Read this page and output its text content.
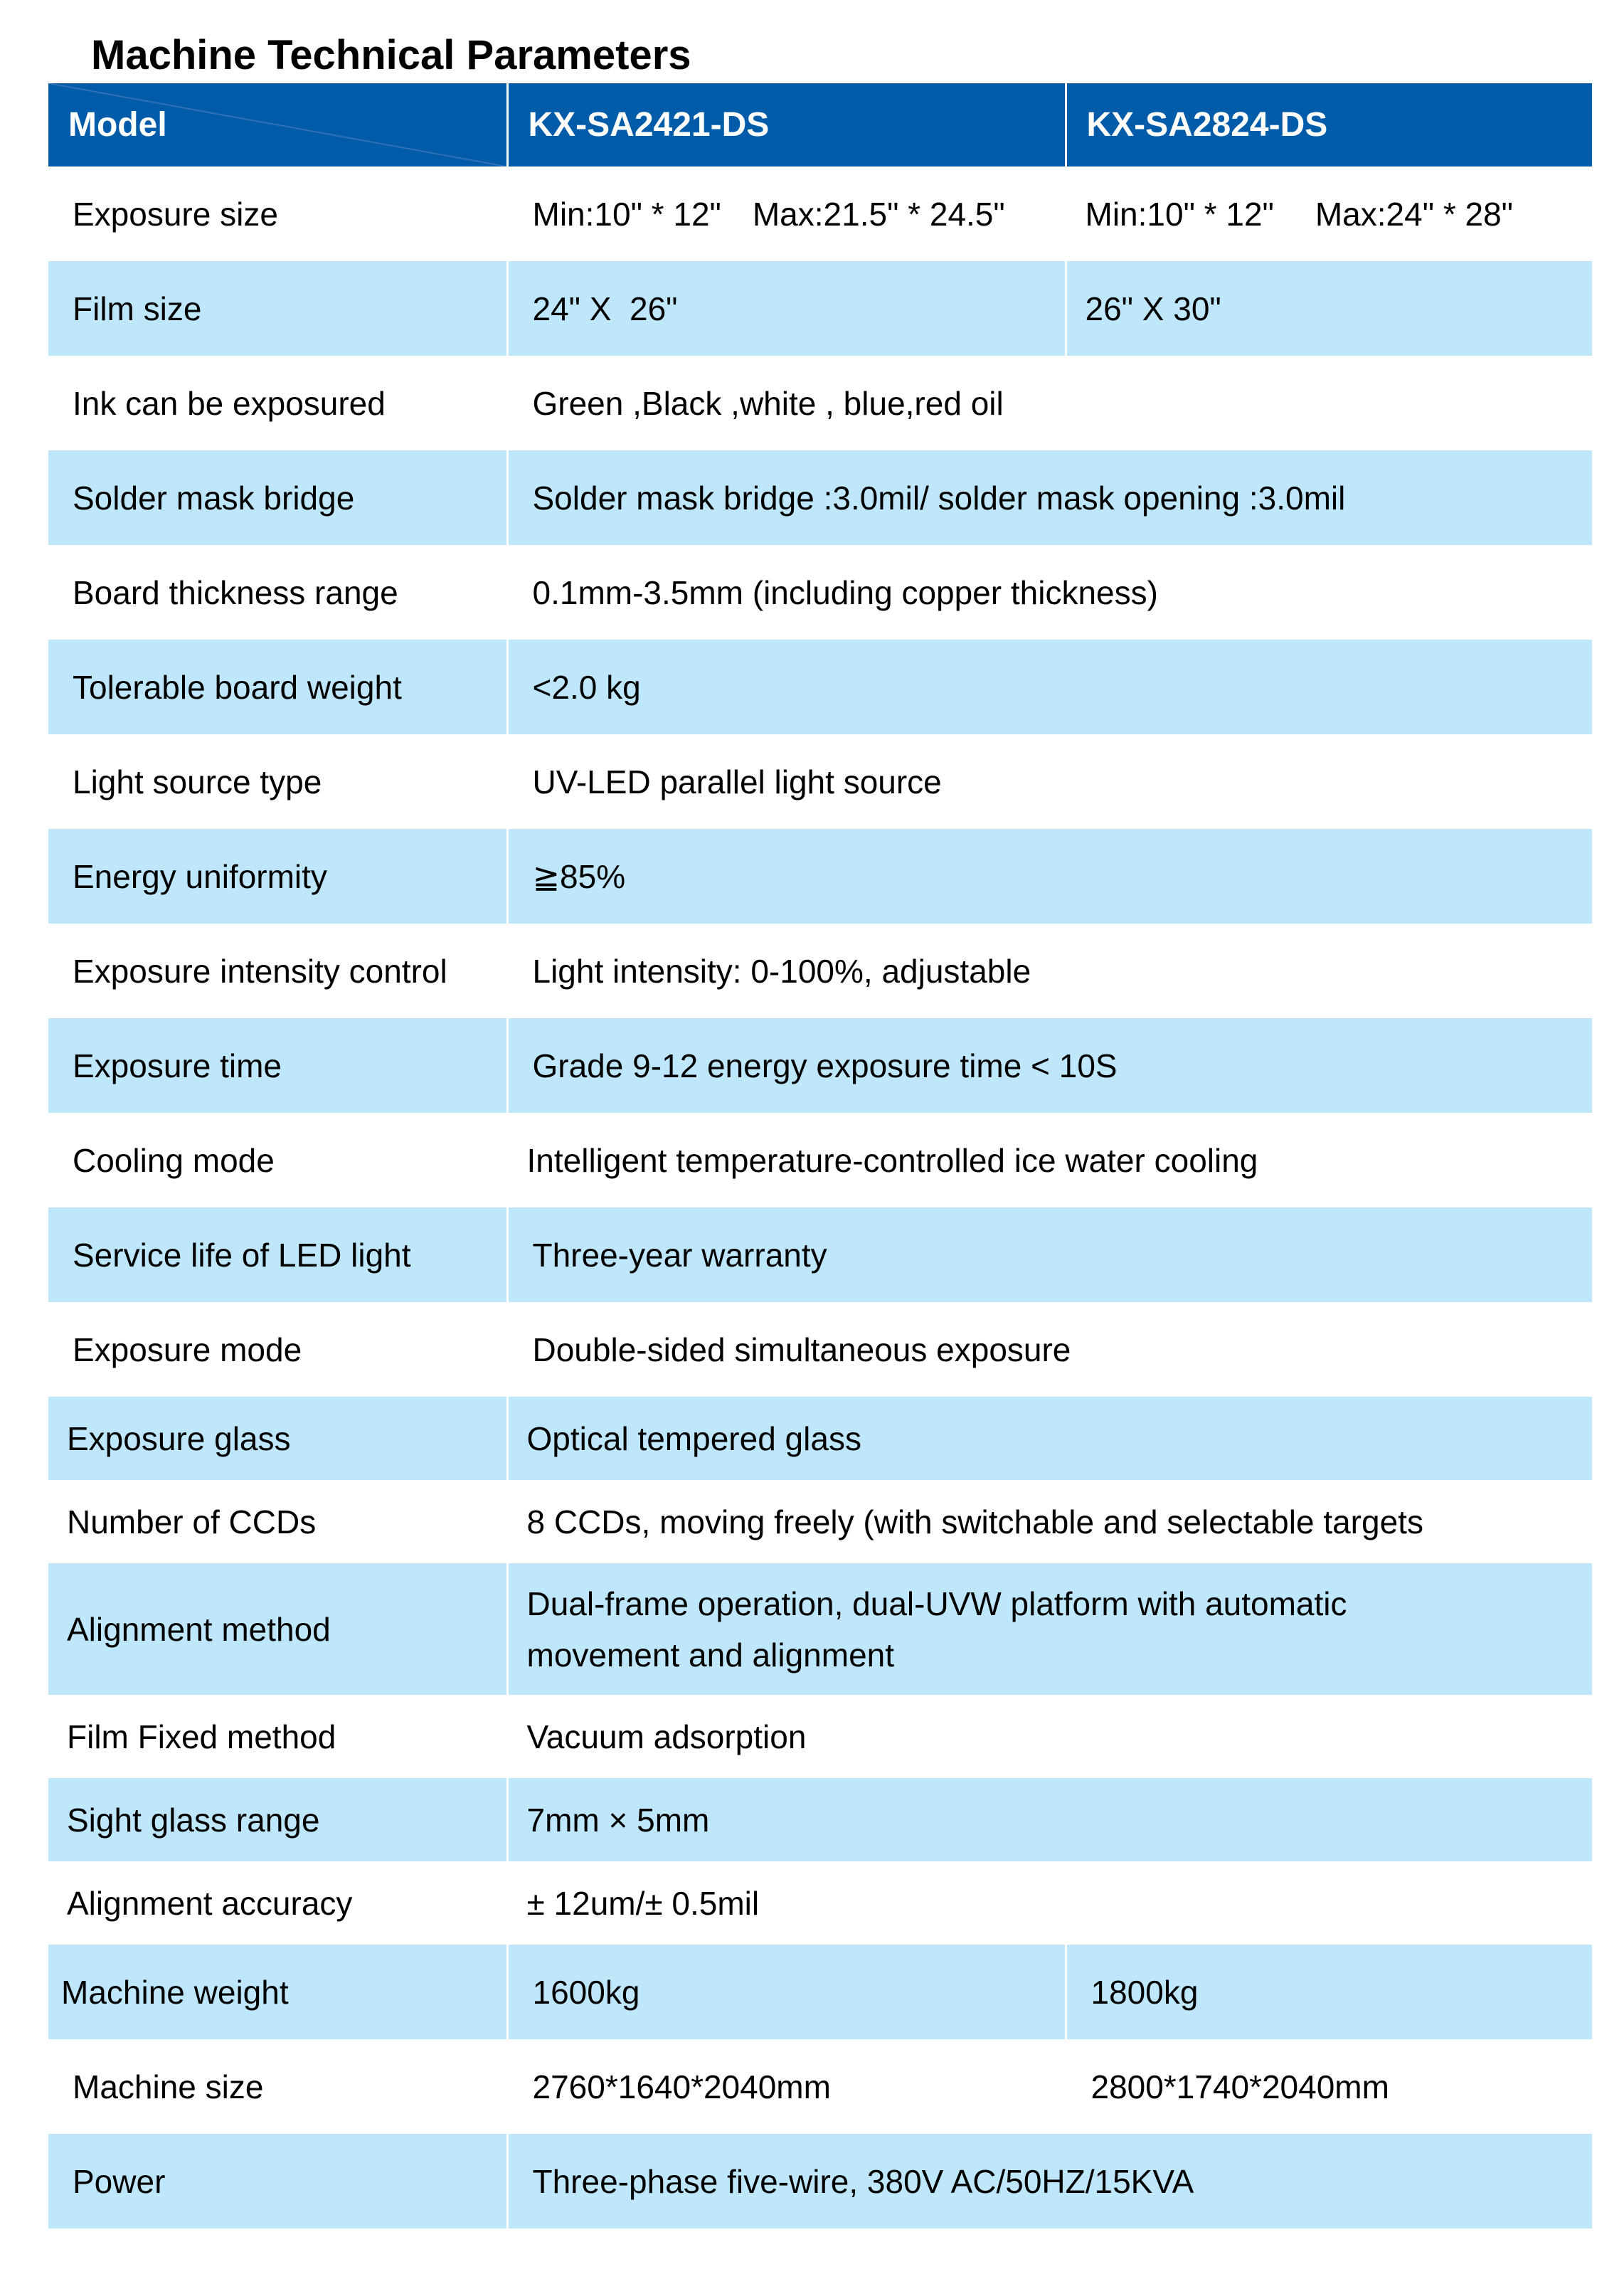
Machine Technical Parameters
Model	KX-SA2421-DS	KX-SA2824-DS
Exposure size	Min:10" * 12" Max:21.5" * 24.5"	Min:10" * 12" Max:24" * 28"
Film size	24" X  26"	26" X 30"
Ink can be exposured	Green ,Black ,white , blue,red oil	
Solder mask bridge	Solder mask bridge :3.0mil/ solder mask opening :3.0mil	
Board thickness range	0.1mm-3.5mm (including copper thickness)	
Tolerable board weight	<2.0 kg	
Light source type	UV-LED parallel light source	
Energy uniformity	≧85%	
Exposure intensity control	Light intensity: 0-100%, adjustable	
Exposure time	Grade 9-12 energy exposure time < 10S	
Cooling mode	Intelligent temperature-controlled ice water cooling	
Service life of LED light	Three-year warranty	
Exposure mode	Double-sided simultaneous exposure	
Exposure glass	Optical tempered glass	
Number of CCDs	8 CCDs, moving freely (with switchable and selectable targets	
Alignment method	Dual-frame operation, dual-UVW platform with automatic movement and alignment	
Film Fixed method	Vacuum adsorption	
Sight glass range	7mm × 5mm	
Alignment accuracy	± 12um/± 0.5mil	
Machine weight	1600kg	1800kg
Machine size	2760*1640*2040mm	2800*1740*2040mm
Power	Three-phase five-wire, 380V AC/50HZ/15KVA	
